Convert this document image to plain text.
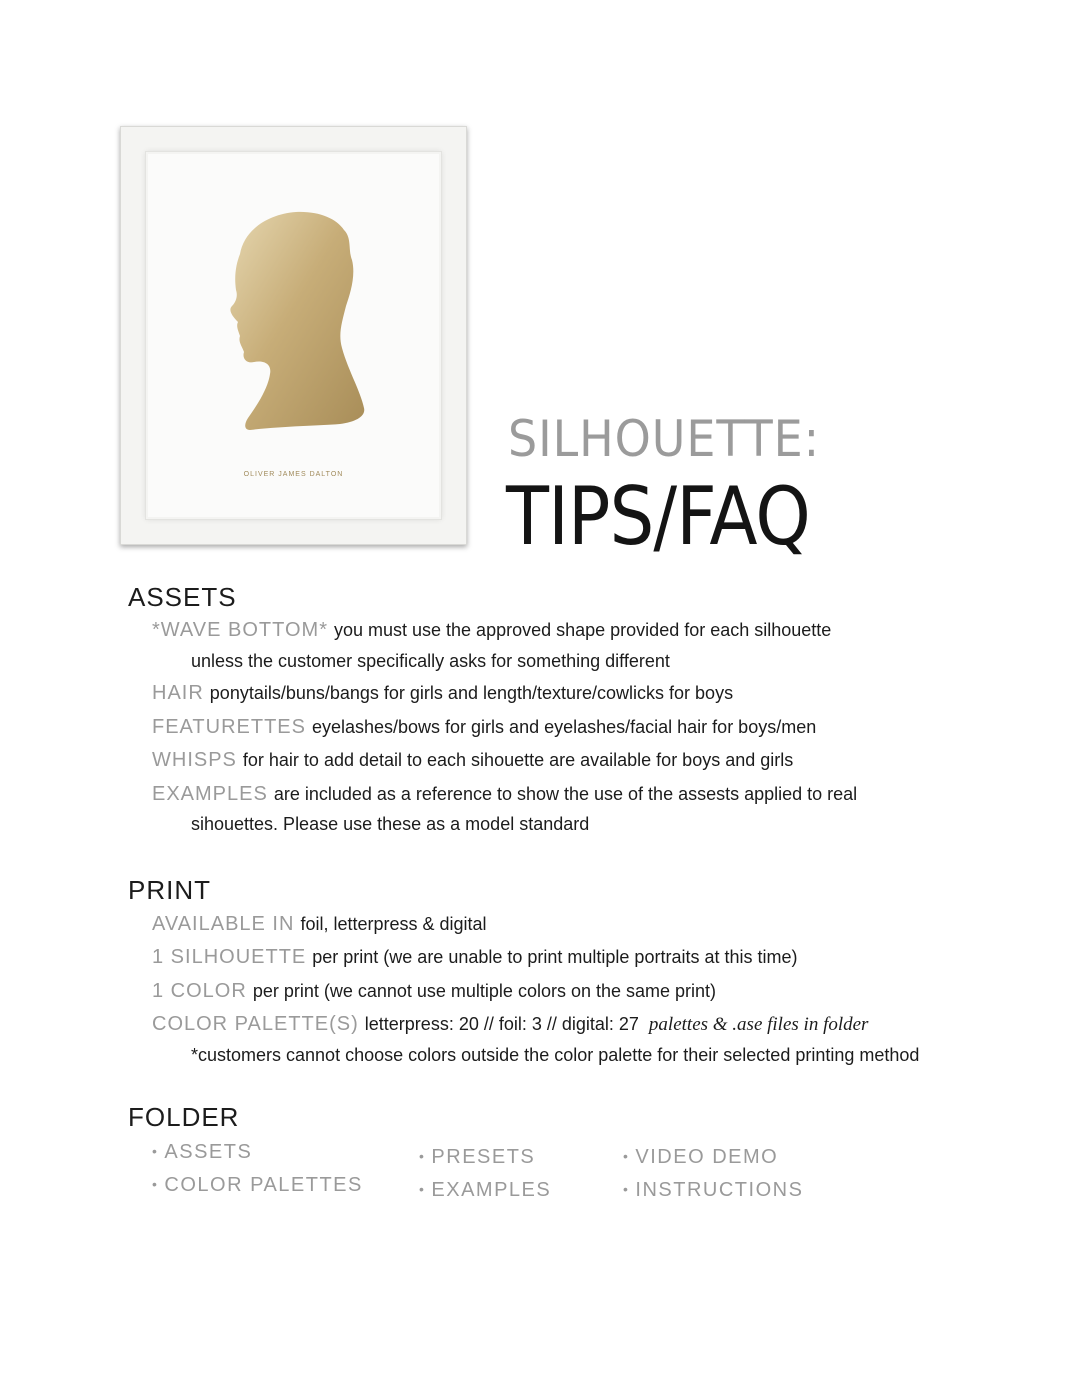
OLIVER JAMES DALTON
SILHOUETTE:
TIPS/FAQ
ASSETS
*WAVE BOTTOM* you must use the approved shape provided for each silhouette
unless the customer specifically asks for something different
HAIR ponytails/buns/bangs for girls and length/texture/cowlicks for boys
FEATURETTES eyelashes/bows for girls and eyelashes/facial hair for boys/men
WHISPS for hair to add detail to each sihouette are available for boys and girls
EXAMPLES are included as a reference to show the use of the assests applied to real
sihouettes. Please use these as a model standard
PRINT
AVAILABLE IN foil, letterpress & digital
1 SILHOUETTE per print (we are unable to print multiple portraits at this time)
1 COLOR per print (we cannot use multiple colors on the same print)
COLOR PALETTE(S) letterpress: 20 // foil: 3 // digital: 27 palettes & .ase files in folder
*customers cannot choose colors outside the color palette for their selected printing method
FOLDER
• ASSETS
• COLOR PALETTES
• PRESETS
• EXAMPLES
• VIDEO DEMO
• INSTRUCTIONS
